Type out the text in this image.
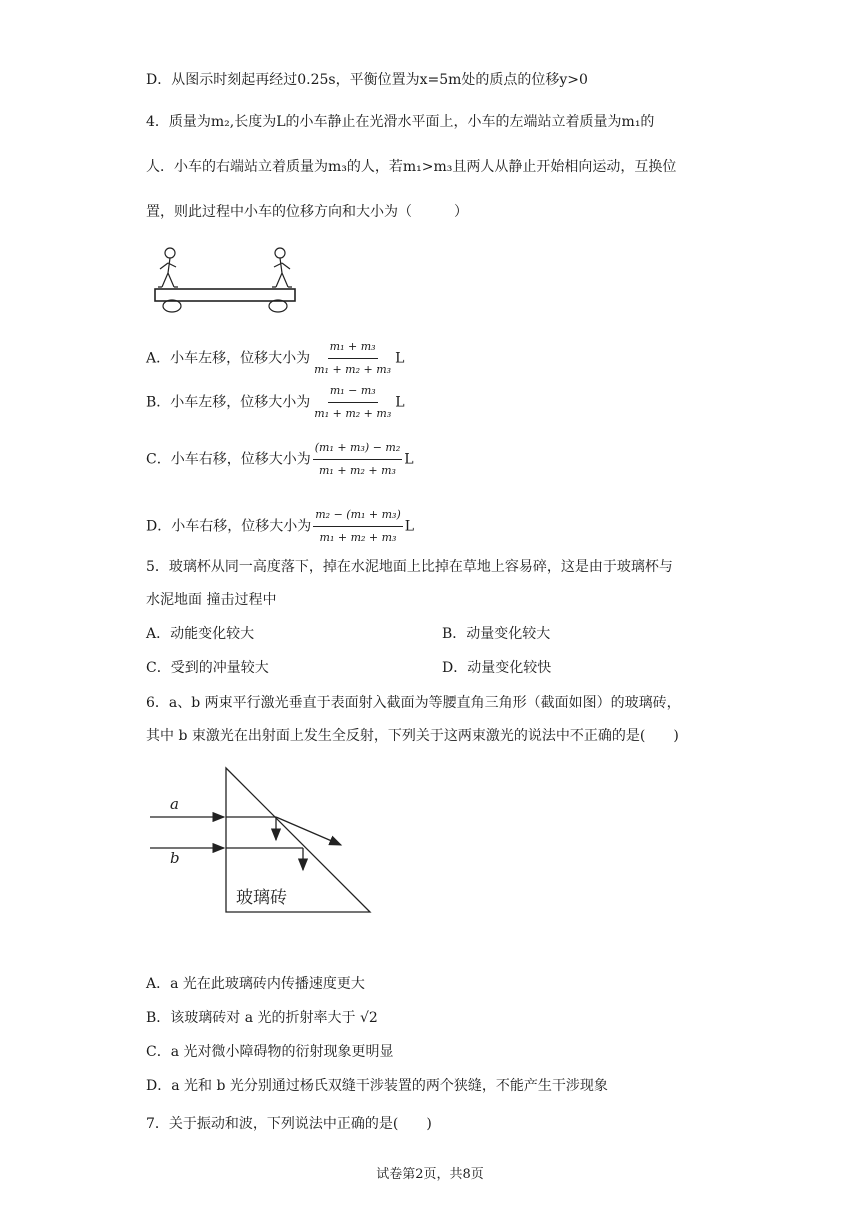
D．从图示时刻起再经过0.25s，平衡位置为x=5m处的质点的位移y>0
4．质量为m₂,长度为L的小车静止在光滑水平面上，小车的左端站立着质量为m₁的
人．小车的右端站立着质量为m₃的人，若m₁>m₃且两人从静止开始相向运动，互换位
置，则此过程中小车的位移方向和大小为（　　　）
A．小车左移，位移大小为 $\frac{\text{m₁ + m₃}}{\text{m₁ + m₂ + m₃}}$ L
B．小车左移，位移大小为 $\frac{\text{m₁ − m₃}}{\text{m₁ + m₂ + m₃}}$ L
C．小车右移，位移大小为 $\frac{\text{(m₁ + m₃) − m₂}}{\text{m₁ + m₂ + m₃}}$ L
D．小车右移，位移大小为 $\frac{\text{m₂ − (m₁ + m₃)}}{\text{m₁ + m₂ + m₃}}$ L
5．玻璃杯从同一高度落下，掉在水泥地面上比掉在草地上容易碎，这是由于玻璃杯与
水泥地面 撞击过程中
A．动能变化较大	B．动量变化较大
C．受到的冲量较大	D．动量变化较快
6．a、b 两束平行激光垂直于表面射入截面为等腰直角三角形（截面如图）的玻璃砖，
其中 b 束激光在出射面上发生全反射，下列关于这两束激光的说法中不正确的是(　　)
a
b
玻璃砖
A．a 光在此玻璃砖内传播速度更大
B．该玻璃砖对 a 光的折射率大于 √2
C．a 光对微小障碍物的衍射现象更明显
D．a 光和 b 光分别通过杨氏双缝干涉装置的两个狭缝，不能产生干涉现象
7．关于振动和波，下列说法中正确的是(　　)
试卷第2页，共8页
